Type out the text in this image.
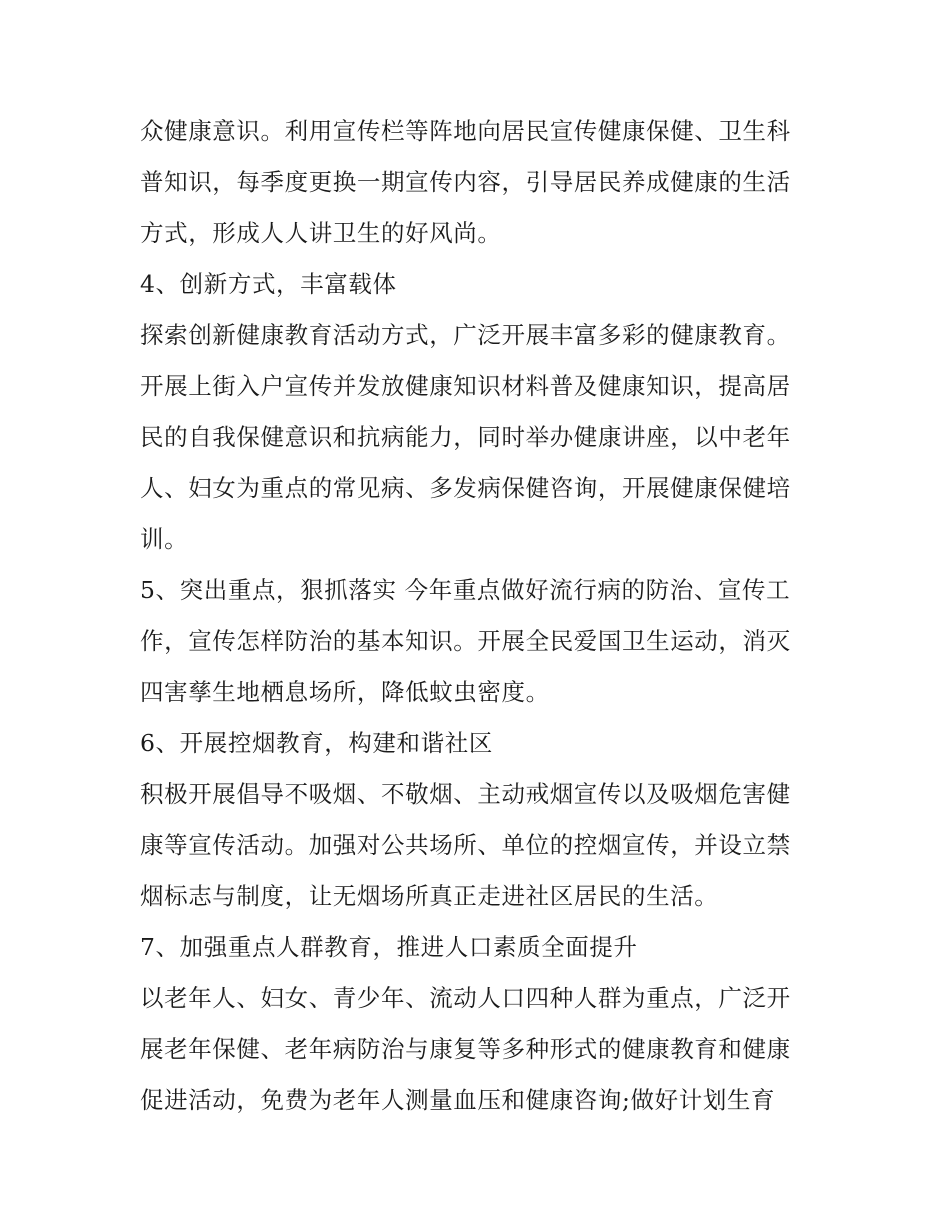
众健康意识。利用宣传栏等阵地向居民宣传健康保健、卫生科
普知识，每季度更换一期宣传内容，引导居民养成健康的生活
方式，形成人人讲卫生的好风尚。
4、创新方式，丰富载体
探索创新健康教育活动方式，广泛开展丰富多彩的健康教育。
开展上街入户宣传并发放健康知识材料普及健康知识，提高居
民的自我保健意识和抗病能力，同时举办健康讲座，以中老年
人、妇女为重点的常见病、多发病保健咨询，开展健康保健培
训。
5、突出重点，狠抓落实 今年重点做好流行病的防治、宣传工
作，宣传怎样防治的基本知识。开展全民爱国卫生运动，消灭
四害孳生地栖息场所，降低蚊虫密度。
6、开展控烟教育，构建和谐社区
积极开展倡导不吸烟、不敬烟、主动戒烟宣传以及吸烟危害健
康等宣传活动。加强对公共场所、单位的控烟宣传，并设立禁
烟标志与制度，让无烟场所真正走进社区居民的生活。
7、加强重点人群教育，推进人口素质全面提升
以老年人、妇女、青少年、流动人口四种人群为重点，广泛开
展老年保健、老年病防治与康复等多种形式的健康教育和健康
促进活动，免费为老年人测量血压和健康咨询;做好计划生育
